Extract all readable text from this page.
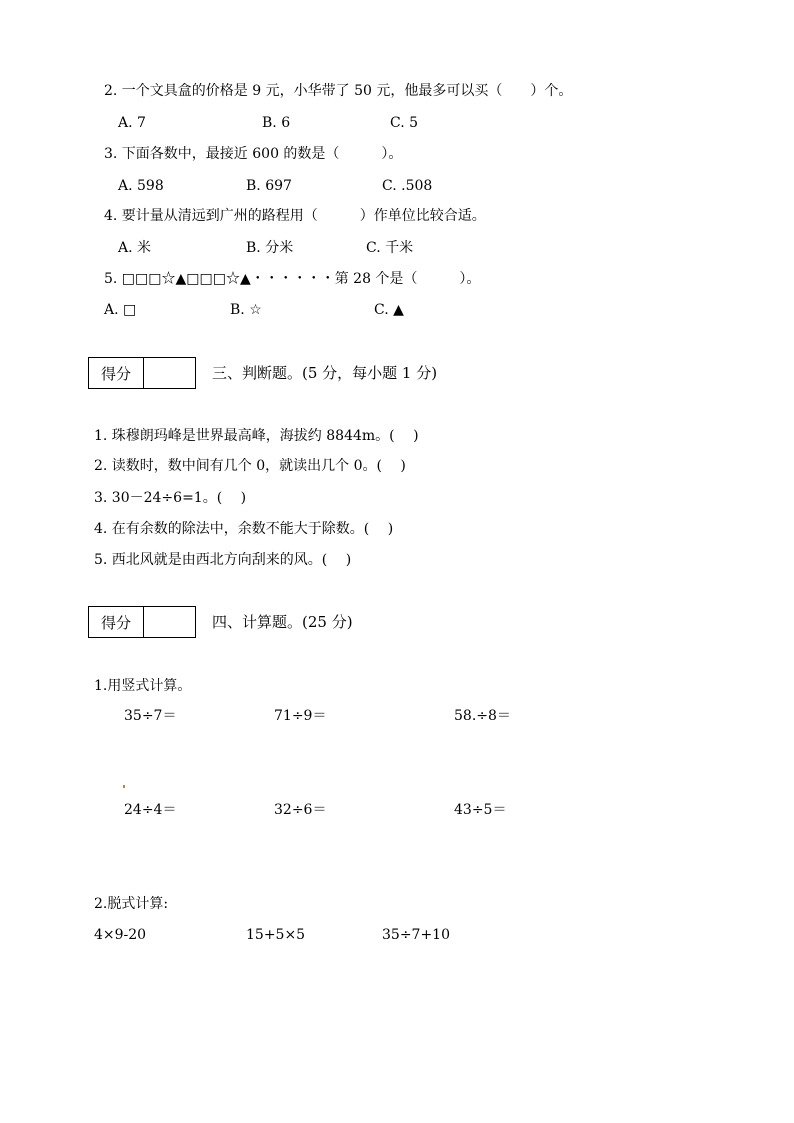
2. 一个文具盒的价格是 9 元，小华带了 50 元，他最多可以买（　　）个。
A. 7	B. 6	C. 5
3. 下面各数中，最接近 600 的数是（　　　）。
A. 598	B. 697	C. .508
4. 要计量从清远到广州的路程用（　　　）作单位比较合适。
A. 米	B. 分米	C. 千米
5. □□□☆▲□□□☆▲・・・・・・第 28 个是（　　　）。
A. □	B. ☆	C. ▲
得分	三、判断题。(5 分，每小题 1 分)
1. 珠穆朗玛峰是世界最高峰，海拔约 8844m。(　 )
2. 读数时，数中间有几个 0，就读出几个 0。(　 )
3. 30－24÷6=1。(　 )
4. 在有余数的除法中，余数不能大于除数。(　 )
5. 西北风就是由西北方向刮来的风。(　 )
得分	四、计算题。(25 分)
1.用竖式计算。
35÷7＝	71÷9＝	58.÷8＝
24÷4＝	32÷6＝	43÷5＝
2.脱式计算:
4×9-20	15+5×5	35÷7+10
